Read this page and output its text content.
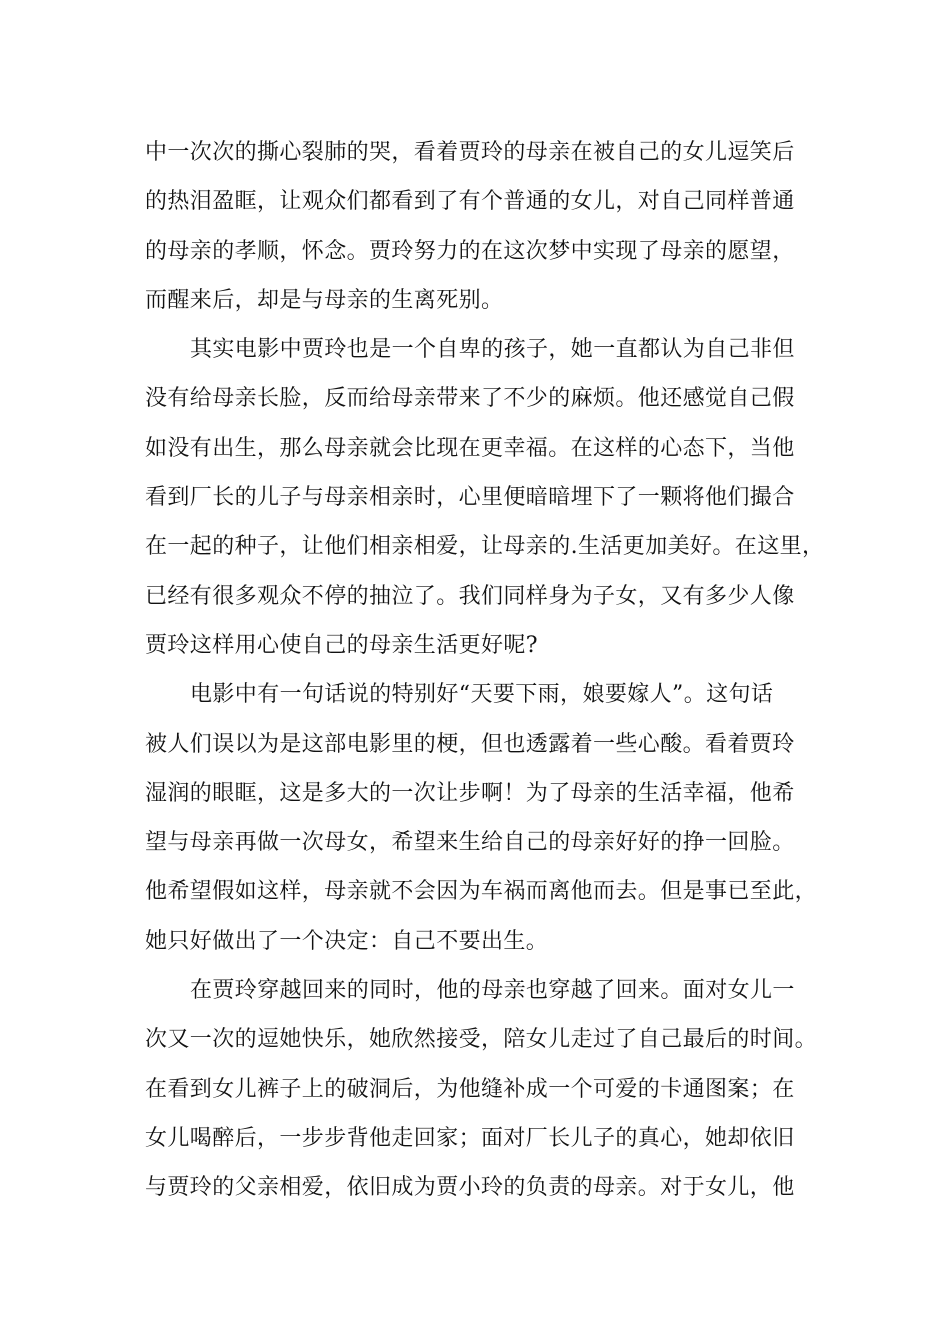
中一次次的撕心裂肺的哭，看着贾玲的母亲在被自己的女儿逗笑后
的热泪盈眶，让观众们都看到了有个普通的女儿，对自己同样普通
的母亲的孝顺，怀念。贾玲努力的在这次梦中实现了母亲的愿望，
而醒来后，却是与母亲的生离死别。
其实电影中贾玲也是一个自卑的孩子，她一直都认为自己非但
没有给母亲长脸，反而给母亲带来了不少的麻烦。他还感觉自己假
如没有出生，那么母亲就会比现在更幸福。在这样的心态下，当他
看到厂长的儿子与母亲相亲时，心里便暗暗埋下了一颗将他们撮合
在一起的种子，让他们相亲相爱，让母亲的.生活更加美好。在这里，
已经有很多观众不停的抽泣了。我们同样身为子女，又有多少人像
贾玲这样用心使自己的母亲生活更好呢?
电影中有一句话说的特别好“天要下雨，娘要嫁人”。这句话
被人们误以为是这部电影里的梗，但也透露着一些心酸。看着贾玲
湿润的眼眶，这是多大的一次让步啊！为了母亲的生活幸福，他希
望与母亲再做一次母女，希望来生给自己的母亲好好的挣一回脸。
他希望假如这样，母亲就不会因为车祸而离他而去。但是事已至此，
她只好做出了一个决定：自己不要出生。
在贾玲穿越回来的同时，他的母亲也穿越了回来。面对女儿一
次又一次的逗她快乐，她欣然接受，陪女儿走过了自己最后的时间。
在看到女儿裤子上的破洞后，为他缝补成一个可爱的卡通图案；在
女儿喝醉后，一步步背他走回家；面对厂长儿子的真心，她却依旧
与贾玲的父亲相爱，依旧成为贾小玲的负责的母亲。对于女儿，他
